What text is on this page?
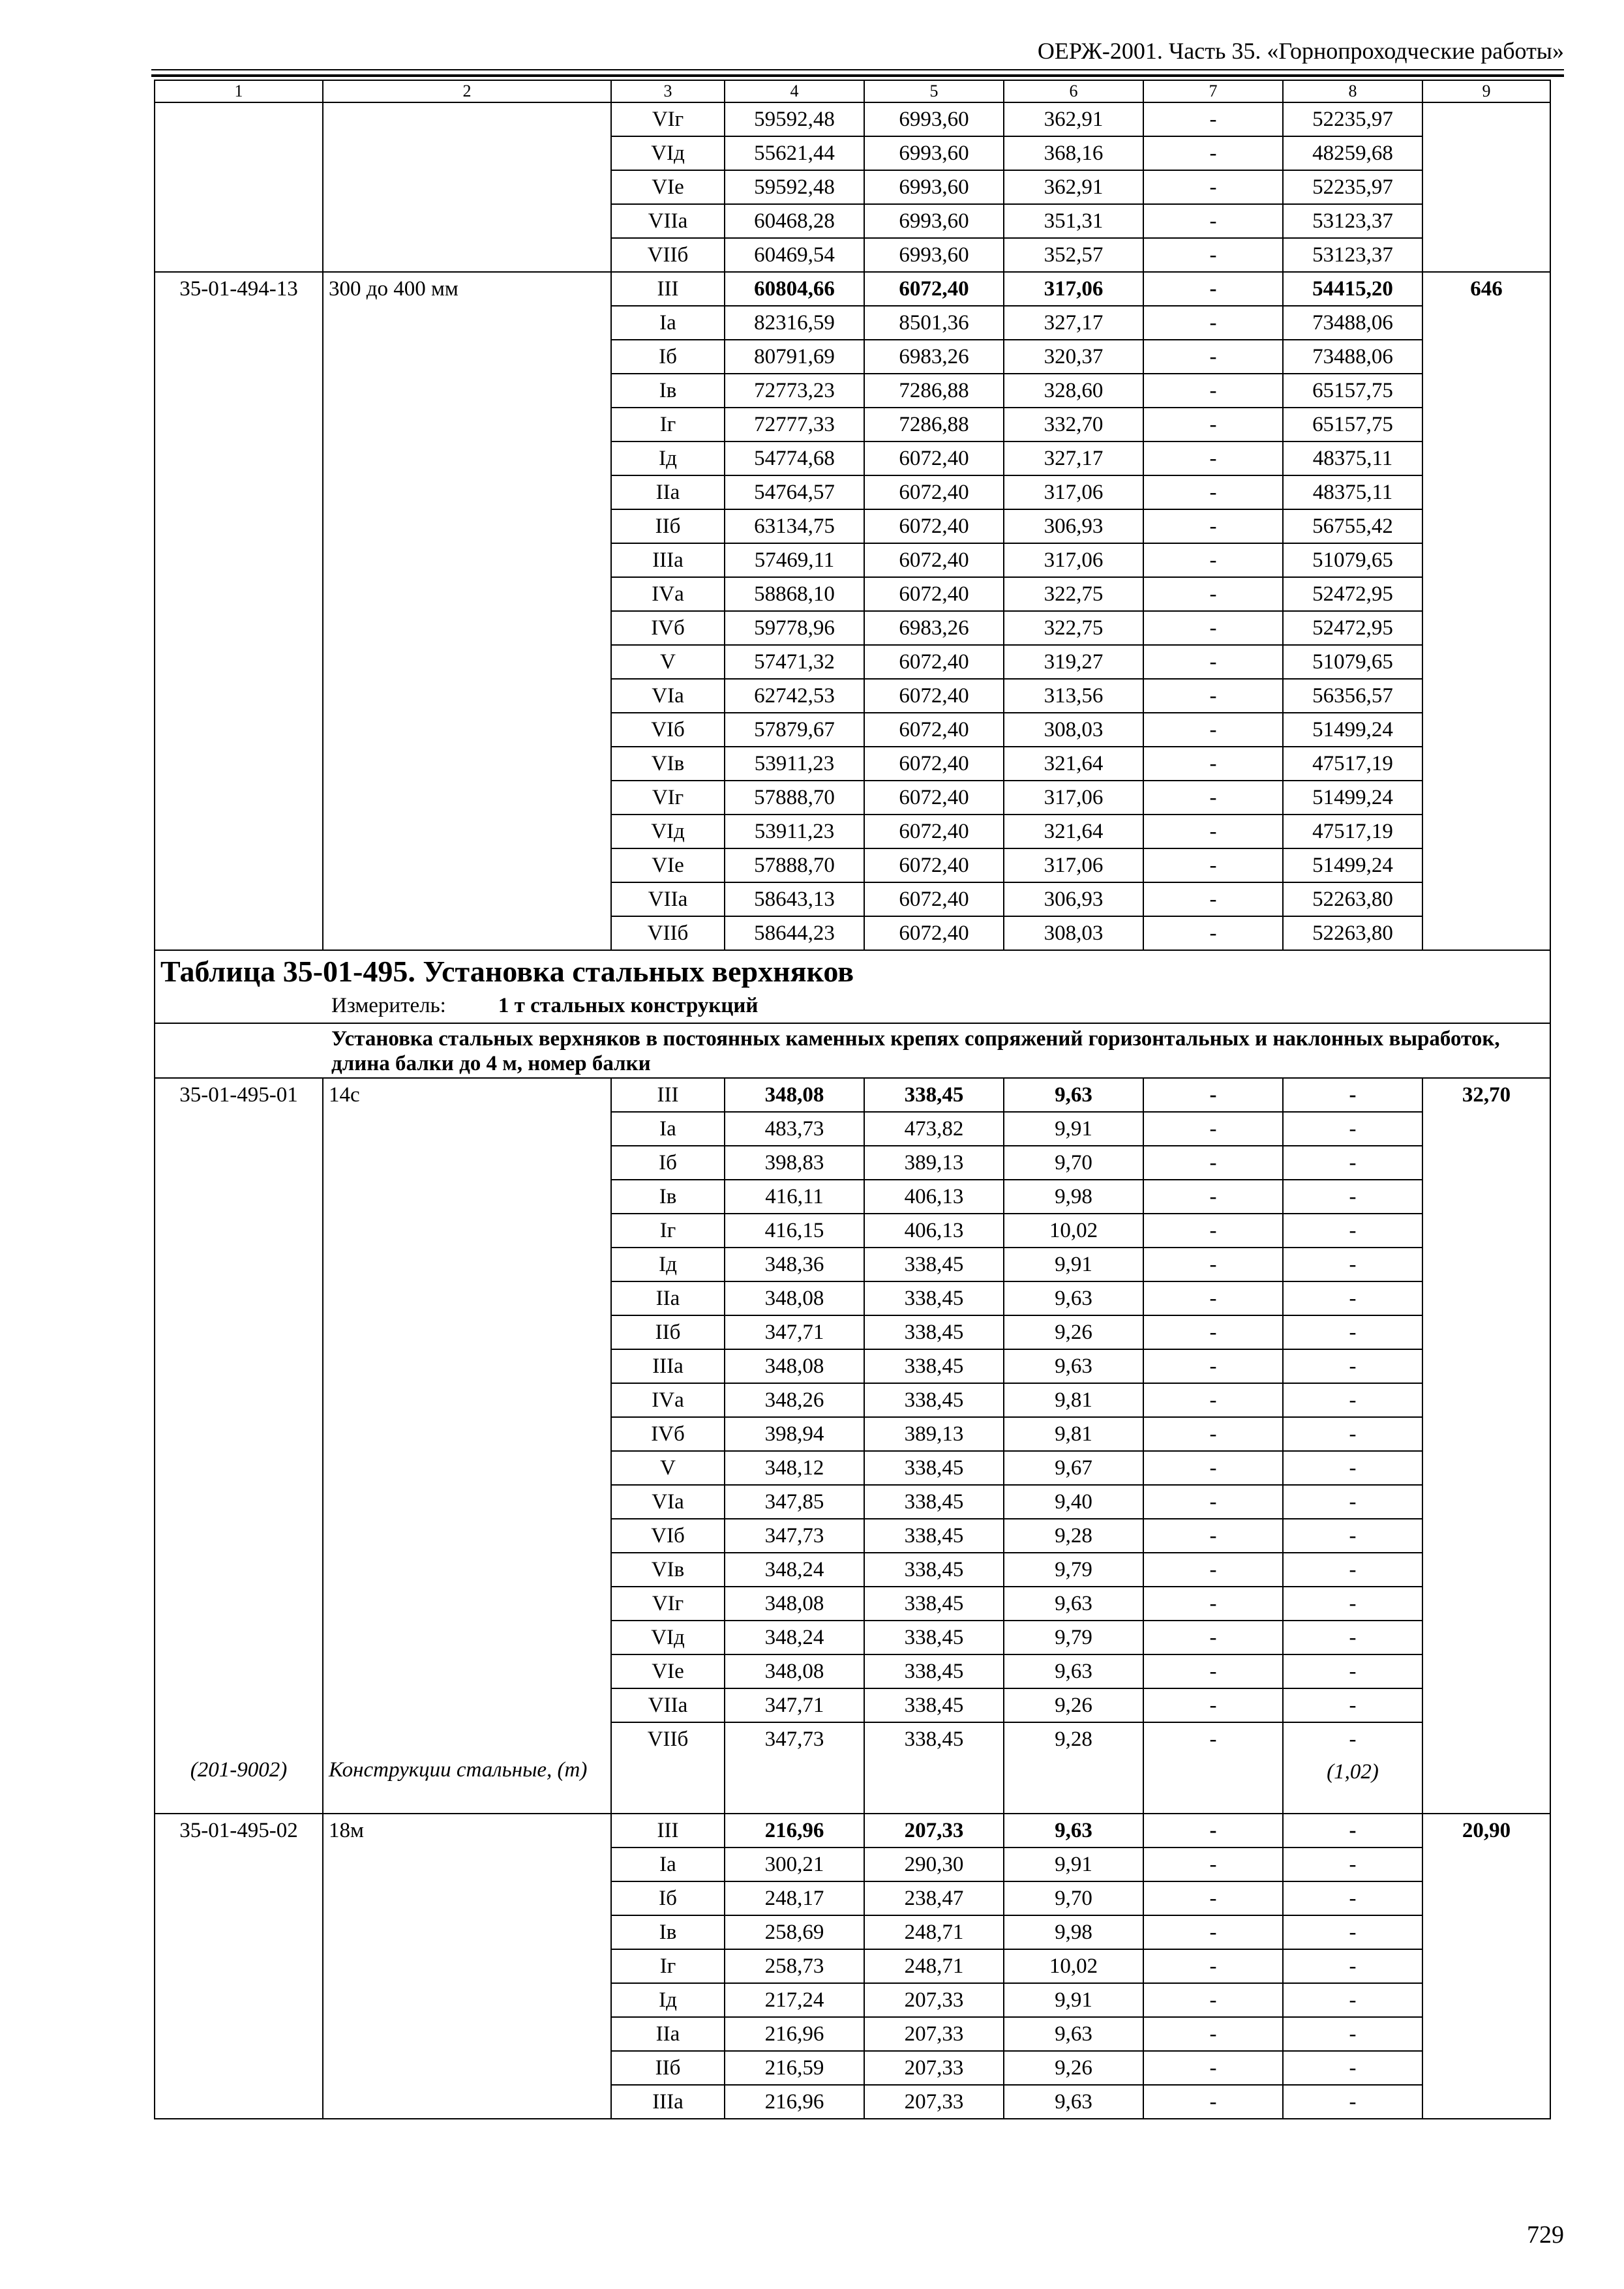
ОЕРЖ-2001. Часть 35. «Горнопроходческие работы»
1	2	3	4	5	6	7	8	9
		VIг	59592,48	6993,60	362,91	-	52235,97	
		VIд	55621,44	6993,60	368,16	-	48259,68	
		VIе	59592,48	6993,60	362,91	-	52235,97	
		VIIа	60468,28	6993,60	351,31	-	53123,37	
		VIIб	60469,54	6993,60	352,57	-	53123,37	
35-01-494-13	300 до 400 мм	III	60804,66	6072,40	317,06	-	54415,20	646
		Iа	82316,59	8501,36	327,17	-	73488,06	
		Iб	80791,69	6983,26	320,37	-	73488,06	
		Iв	72773,23	7286,88	328,60	-	65157,75	
		Iг	72777,33	7286,88	332,70	-	65157,75	
		Iд	54774,68	6072,40	327,17	-	48375,11	
		IIа	54764,57	6072,40	317,06	-	48375,11	
		IIб	63134,75	6072,40	306,93	-	56755,42	
		IIIа	57469,11	6072,40	317,06	-	51079,65	
		IVа	58868,10	6072,40	322,75	-	52472,95	
		IVб	59778,96	6983,26	322,75	-	52472,95	
		V	57471,32	6072,40	319,27	-	51079,65	
		VIа	62742,53	6072,40	313,56	-	56356,57	
		VIб	57879,67	6072,40	308,03	-	51499,24	
		VIв	53911,23	6072,40	321,64	-	47517,19	
		VIг	57888,70	6072,40	317,06	-	51499,24	
		VIд	53911,23	6072,40	321,64	-	47517,19	
		VIе	57888,70	6072,40	317,06	-	51499,24	
		VIIа	58643,13	6072,40	306,93	-	52263,80	
		VIIб	58644,23	6072,40	308,03	-	52263,80	

Таблица 35-01-495. Установка стальных верхняков
Измеритель: 1 т стальных конструкций								

Установка стальных верхняков в постоянных каменных крепях сопряжений горизонтальных и наклонных выработок, длина балки до 4 м, номер балки								

35-01-495-01	14с	III	348,08	338,45	9,63	-	-	32,70
		Iа	483,73	473,82	9,91	-	-	
		Iб	398,83	389,13	9,70	-	-	
		Iв	416,11	406,13	9,98	-	-	
		Iг	416,15	406,13	10,02	-	-	
		Iд	348,36	338,45	9,91	-	-	
		IIа	348,08	338,45	9,63	-	-	
		IIб	347,71	338,45	9,26	-	-	
		IIIа	348,08	338,45	9,63	-	-	
		IVа	348,26	338,45	9,81	-	-	
		IVб	398,94	389,13	9,81	-	-	
		V	348,12	338,45	9,67	-	-	
		VIа	347,85	338,45	9,40	-	-	
		VIб	347,73	338,45	9,28	-	-	
		VIв	348,24	338,45	9,79	-	-	
		VIг	348,08	338,45	9,63	-	-	
		VIд	348,24	338,45	9,79	-	-	
		VIе	348,08	338,45	9,63	-	-	
		VIIа	347,71	338,45	9,26	-	-	
		VIIб	347,73	338,45	9,28	-	-	
(201-9002)	Конструкции стальные, (т)						(1,02)	
35-01-495-02	18м	III	216,96	207,33	9,63	-	-	20,90
		Iа	300,21	290,30	9,91	-	-	
		Iб	248,17	238,47	9,70	-	-	
		Iв	258,69	248,71	9,98	-	-	
		Iг	258,73	248,71	10,02	-	-	
		Iд	217,24	207,33	9,91	-	-	
		IIа	216,96	207,33	9,63	-	-	
		IIб	216,59	207,33	9,26	-	-	
		IIIа	216,96	207,33	9,63	-	-	
729
